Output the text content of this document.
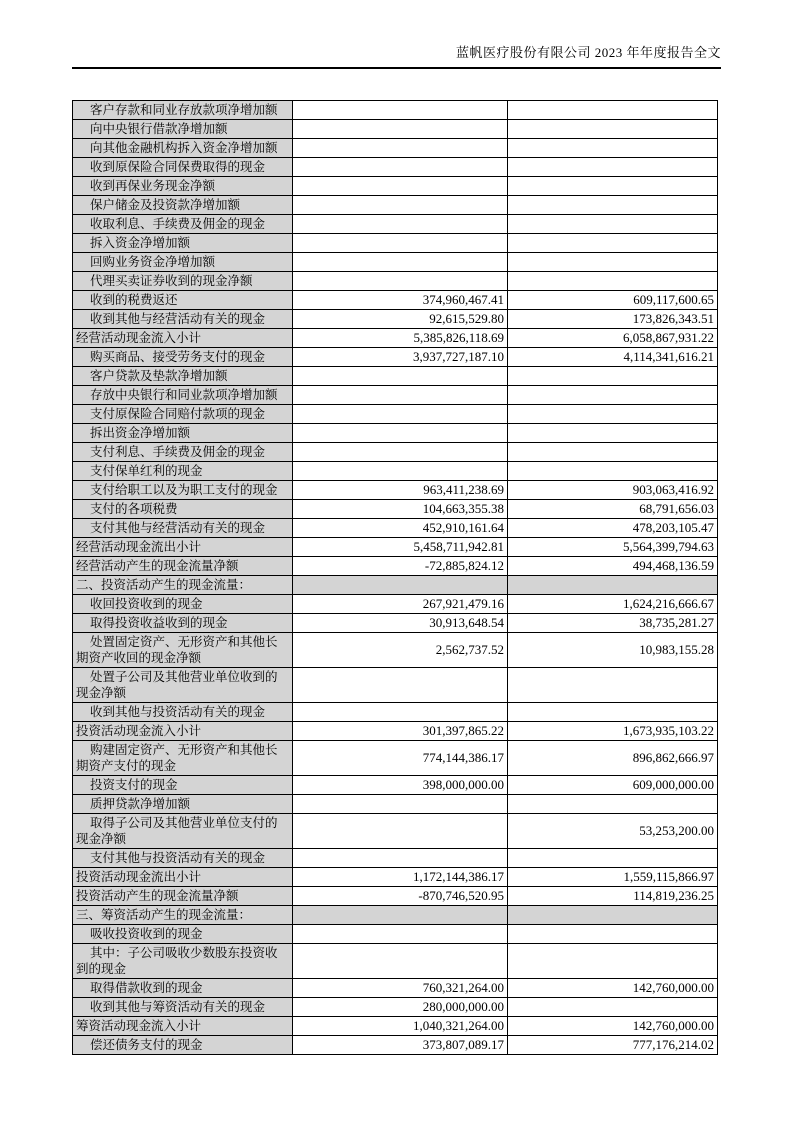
蓝帆医疗股份有限公司 2023 年年度报告全文
客户存款和同业存放款项净增加额		
向中央银行借款净增加额		
向其他金融机构拆入资金净增加额		
收到原保险合同保费取得的现金		
收到再保业务现金净额		
保户储金及投资款净增加额		
收取利息、手续费及佣金的现金		
拆入资金净增加额		
回购业务资金净增加额		
代理买卖证券收到的现金净额		
收到的税费返还	374,960,467.41	609,117,600.65
收到其他与经营活动有关的现金	92,615,529.80	173,826,343.51
经营活动现金流入小计	5,385,826,118.69	6,058,867,931.22
购买商品、接受劳务支付的现金	3,937,727,187.10	4,114,341,616.21
客户贷款及垫款净增加额		
存放中央银行和同业款项净增加额		
支付原保险合同赔付款项的现金		
拆出资金净增加额		
支付利息、手续费及佣金的现金		
支付保单红利的现金		
支付给职工以及为职工支付的现金	963,411,238.69	903,063,416.92
支付的各项税费	104,663,355.38	68,791,656.03
支付其他与经营活动有关的现金	452,910,161.64	478,203,105.47
经营活动现金流出小计	5,458,711,942.81	5,564,399,794.63
经营活动产生的现金流量净额	-72,885,824.12	494,468,136.59
二、投资活动产生的现金流量：		
收回投资收到的现金	267,921,479.16	1,624,216,666.67
取得投资收益收到的现金	30,913,648.54	38,735,281.27
处置固定资产、无形资产和其他长期资产收回的现金净额	2,562,737.52	10,983,155.28
处置子公司及其他营业单位收到的现金净额		
收到其他与投资活动有关的现金		
投资活动现金流入小计	301,397,865.22	1,673,935,103.22
购建固定资产、无形资产和其他长期资产支付的现金	774,144,386.17	896,862,666.97
投资支付的现金	398,000,000.00	609,000,000.00
质押贷款净增加额		
取得子公司及其他营业单位支付的现金净额		53,253,200.00
支付其他与投资活动有关的现金		
投资活动现金流出小计	1,172,144,386.17	1,559,115,866.97
投资活动产生的现金流量净额	-870,746,520.95	114,819,236.25
三、筹资活动产生的现金流量：		
吸收投资收到的现金		
其中：子公司吸收少数股东投资收到的现金		
取得借款收到的现金	760,321,264.00	142,760,000.00
收到其他与筹资活动有关的现金	280,000,000.00	
筹资活动现金流入小计	1,040,321,264.00	142,760,000.00
偿还债务支付的现金	373,807,089.17	777,176,214.02
